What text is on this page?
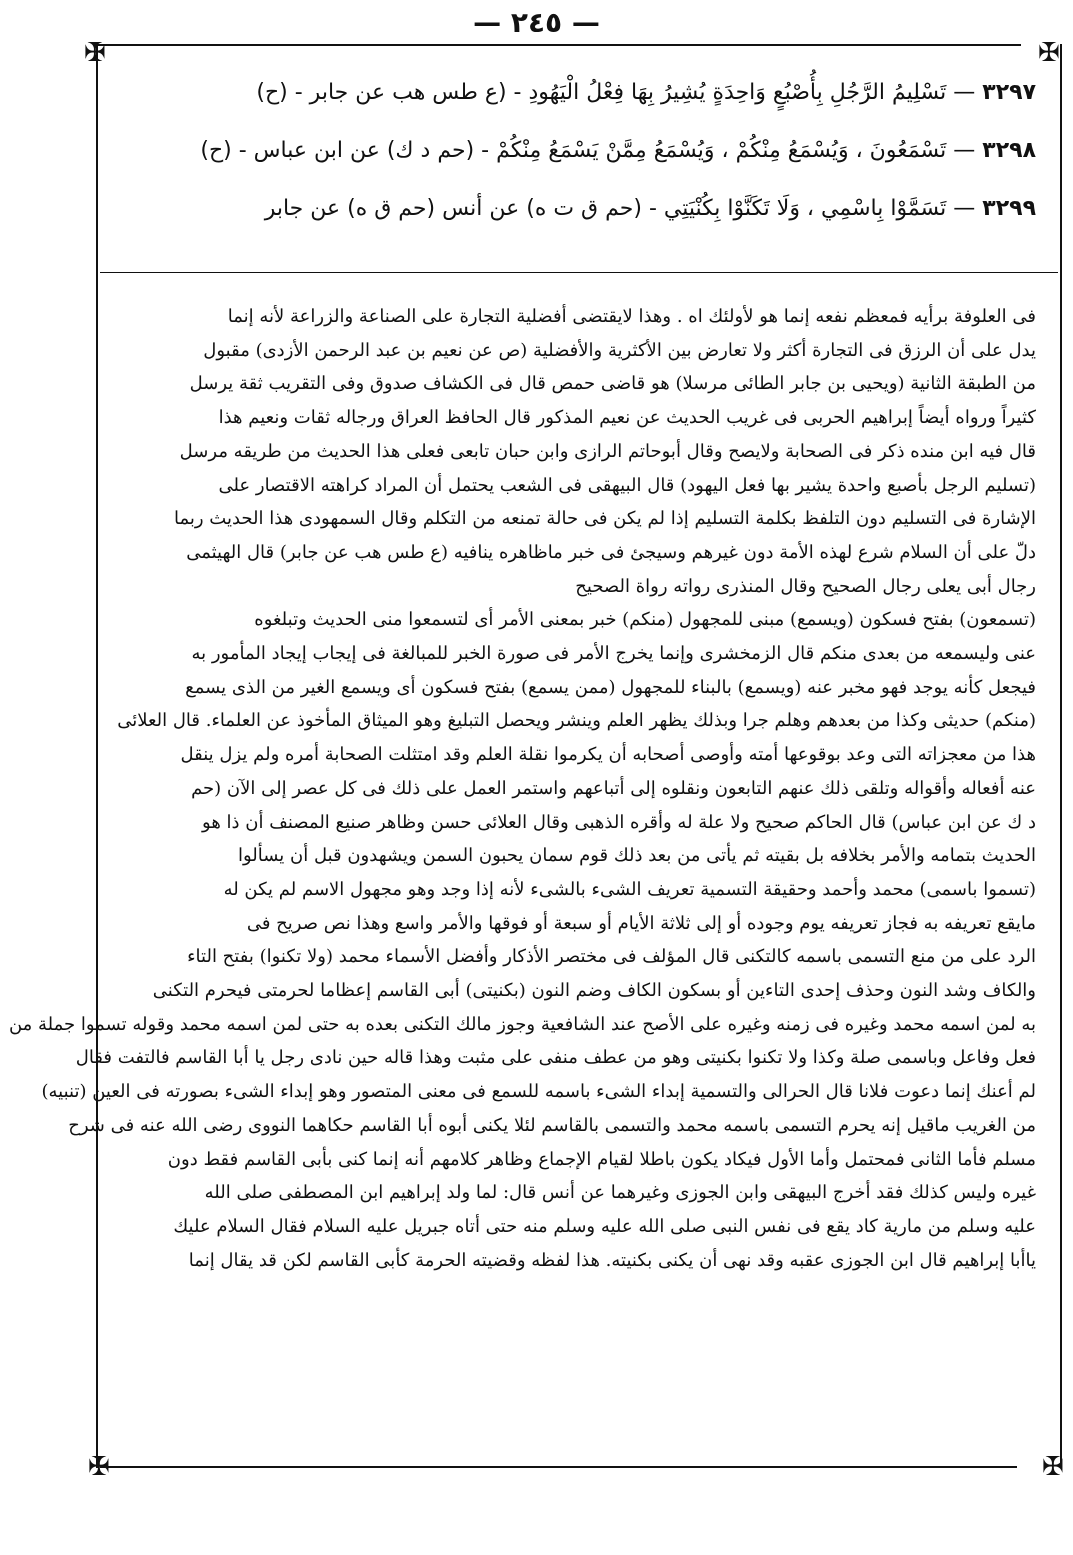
✠	✠
✠	✠
— ٢٤٥ —
٣٢٩٧ — تَسْلِيمُ الرَّجُلِ بِأُصْبُعٍ وَاحِدَةٍ يُشِيرُ بِهَا فِعْلُ الْيَهُودِ - (ع طس هب عن جابر - (ح)
٣٢٩٨ — تَسْمَعُونَ ، وَيُسْمَعُ مِنْكُمْ ، وَيُسْمَعُ مِمَّنْ يَسْمَعُ مِنْكُمْ - (حم د ك) عن ابن عباس - (ح)
٣٢٩٩ — تَسَمَّوْا بِاسْمِي ، وَلَا تَكَنَّوْا بِكُنْيَتِي - (حم ق ت ه) عن أنس (حم ق ه) عن جابر
فى العلوفة برأيه فمعظم نفعه إنما هو لأولئك اه . وهذا لايقتضى أفضلية التجارة على الصناعة والزراعة لأنه إنما
يدل على أن الرزق فى التجارة أكثر ولا تعارض بين الأكثرية والأفضلية (ص عن نعيم بن عبد الرحمن الأزدى) مقبول
من الطبقة الثانية (ويحيى بن جابر الطائى مرسلا) هو قاضى حمص قال فى الكشاف صدوق وفى التقريب ثقة يرسل
كثيراً ورواه أيضاً إبراهيم الحربى فى غريب الحديث عن نعيم المذكور قال الحافظ العراق ورجاله ثقات ونعيم هذا
قال فيه ابن منده ذكر فى الصحابة ولايصح وقال أبوحاتم الرازى وابن حبان تابعى فعلى هذا الحديث من طريقه مرسل
(تسليم الرجل بأصبع واحدة يشير بها فعل اليهود) قال البيهقى فى الشعب يحتمل أن المراد كراهته الاقتصار على
الإشارة فى التسليم دون التلفظ بكلمة التسليم إذا لم يكن فى حالة تمنعه من التكلم وقال السمهودى هذا الحديث ربما
دلّ على أن السلام شرع لهذه الأمة دون غيرهم وسيجئ فى خبر ماظاهره ينافيه (ع طس هب عن جابر) قال الهيثمى
رجال أبى يعلى رجال الصحيح وقال المنذرى رواته رواة الصحيح
(تسمعون) بفتح فسكون (ويسمع) مبنى للمجهول (منكم) خبر بمعنى الأمر أى لتسمعوا منى الحديث وتبلغوه
عنى وليسمعه من بعدى منكم قال الزمخشرى وإنما يخرج الأمر فى صورة الخبر للمبالغة فى إيجاب إيجاد المأمور به
فيجعل كأنه يوجد فهو مخبر عنه (ويسمع) بالبناء للمجهول (ممن يسمع) بفتح فسكون أى ويسمع الغير من الذى يسمع
(منكم) حديثى وكذا من بعدهم وهلم جرا وبذلك يظهر العلم وينشر ويحصل التبليغ وهو الميثاق المأخوذ عن العلماء. قال العلائى
هذا من معجزاته التى وعد بوقوعها أمته وأوصى أصحابه أن يكرموا نقلة العلم وقد امتثلت الصحابة أمره ولم يزل ينقل
عنه أفعاله وأقواله وتلقى ذلك عنهم التابعون ونقلوه إلى أتباعهم واستمر العمل على ذلك فى كل عصر إلى الآن (حم
د ك عن ابن عباس) قال الحاكم صحيح ولا علة له وأقره الذهبى وقال العلائى حسن وظاهر صنيع المصنف أن ذا هو
الحديث بتمامه والأمر بخلافه بل بقيته ثم يأتى من بعد ذلك قوم سمان يحبون السمن ويشهدون قبل أن يسألوا
(تسموا باسمى) محمد وأحمد وحقيقة التسمية تعريف الشىء بالشىء لأنه إذا وجد وهو مجهول الاسم لم يكن له
مايقع تعريفه به فجاز تعريفه يوم وجوده أو إلى ثلاثة الأيام أو سبعة أو فوقها والأمر واسع وهذا نص صريح فى
الرد على من منع التسمى باسمه كالتكنى قال المؤلف فى مختصر الأذكار وأفضل الأسماء محمد (ولا تكنوا) بفتح التاء
والكاف وشد النون وحذف إحدى التاءين أو بسكون الكاف وضم النون (بكنيتى) أبى القاسم إعظاما لحرمتى فيحرم التكنى
به لمن اسمه محمد وغيره فى زمنه وغيره على الأصح عند الشافعية وجوز مالك التكنى بعده به حتى لمن اسمه محمد وقوله تسموا جملة من
فعل وفاعل وباسمى صلة وكذا ولا تكنوا بكنيتى وهو من عطف منفى على مثبت وهذا قاله حين نادى رجل يا أبا القاسم فالتفت فقال
لم أعنك إنما دعوت فلانا قال الحرالى والتسمية إبداء الشىء باسمه للسمع فى معنى المتصور وهو إبداء الشىء بصورته فى العين (تنبيه)
من الغريب ماقيل إنه يحرم التسمى باسمه محمد والتسمى بالقاسم لئلا يكنى أبوه أبا القاسم حكاهما النووى رضى الله عنه فى شرح
مسلم فأما الثانى فمحتمل وأما الأول فيكاد يكون باطلا لقيام الإجماع وظاهر كلامهم أنه إنما كنى بأبى القاسم فقط دون
غيره وليس كذلك فقد أخرج البيهقى وابن الجوزى وغيرهما عن أنس قال: لما ولد إبراهيم ابن المصطفى صلى الله
عليه وسلم من مارية كاد يقع فى نفس النبى صلى الله عليه وسلم منه حتى أتاه جبريل عليه السلام فقال السلام عليك
ياأبا إبراهيم قال ابن الجوزى عقبه وقد نهى أن يكنى بكنيته. هذا لفظه وقضيته الحرمة كأبى القاسم لكن قد يقال إنما
